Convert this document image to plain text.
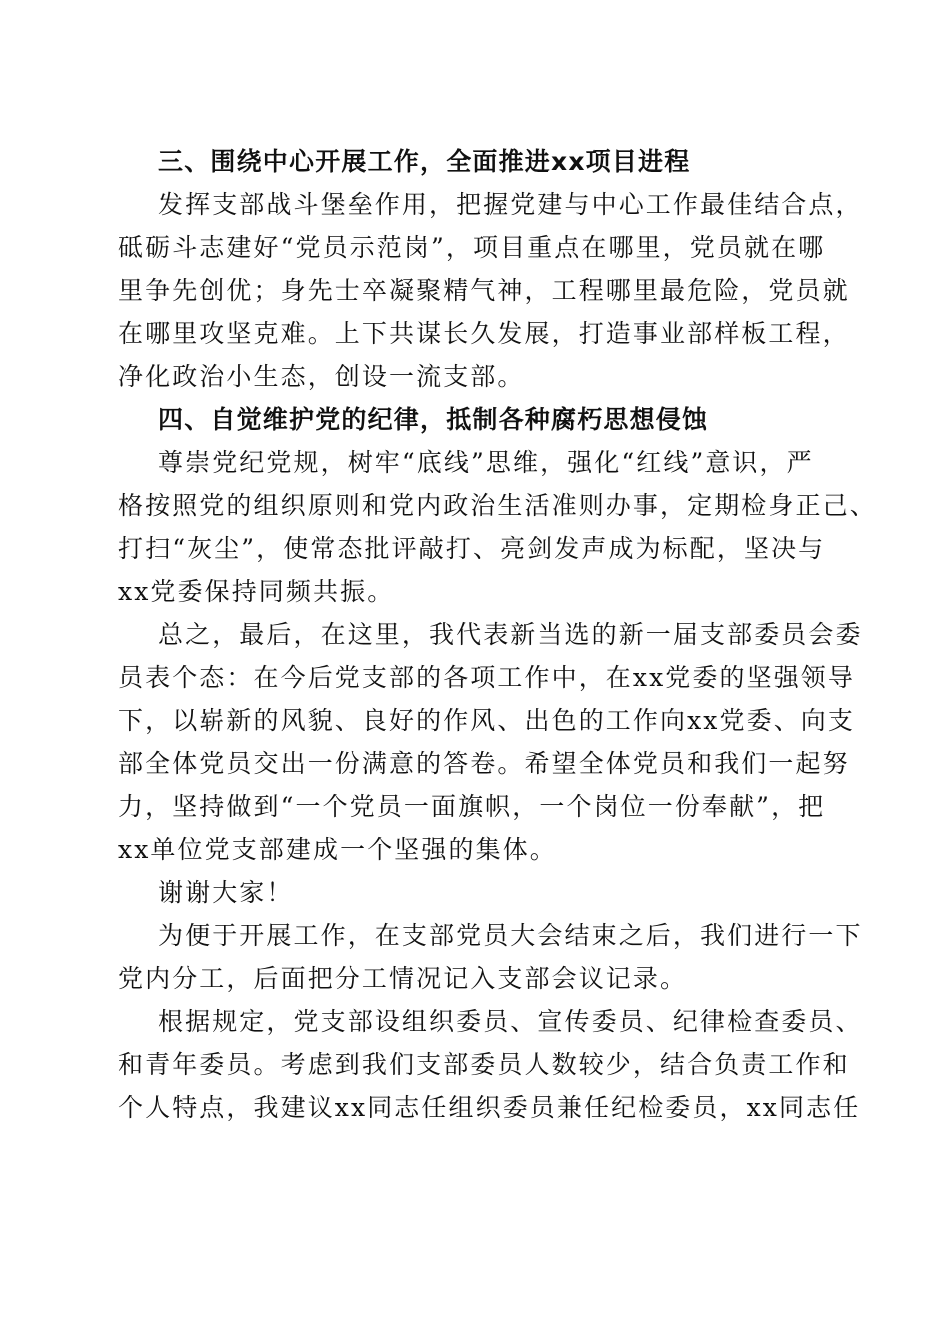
三、围绕中心开展工作，全面推进xx项目进程
发挥支部战斗堡垒作用，把握党建与中心工作最佳结合点，
砥砺斗志建好“党员示范岗”，项目重点在哪里，党员就在哪
里争先创优；身先士卒凝聚精气神，工程哪里最危险，党员就
在哪里攻坚克难。上下共谋长久发展，打造事业部样板工程，
净化政治小生态，创设一流支部。
四、自觉维护党的纪律，抵制各种腐朽思想侵蚀
尊崇党纪党规，树牢“底线”思维，强化“红线”意识，严
格按照党的组织原则和党内政治生活准则办事，定期检身正己、
打扫“灰尘”，使常态批评敲打、亮剑发声成为标配，坚决与
xx党委保持同频共振。
总之，最后，在这里，我代表新当选的新一届支部委员会委
员表个态：在今后党支部的各项工作中，在xx党委的坚强领导
下，以崭新的风貌、良好的作风、出色的工作向xx党委、向支
部全体党员交出一份满意的答卷。希望全体党员和我们一起努
力，坚持做到“一个党员一面旗帜，一个岗位一份奉献”，把
xx单位党支部建成一个坚强的集体。
谢谢大家！
为便于开展工作，在支部党员大会结束之后，我们进行一下
党内分工，后面把分工情况记入支部会议记录。
根据规定，党支部设组织委员、宣传委员、纪律检查委员、
和青年委员。考虑到我们支部委员人数较少，结合负责工作和
个人特点，我建议xx同志任组织委员兼任纪检委员，xx同志任
